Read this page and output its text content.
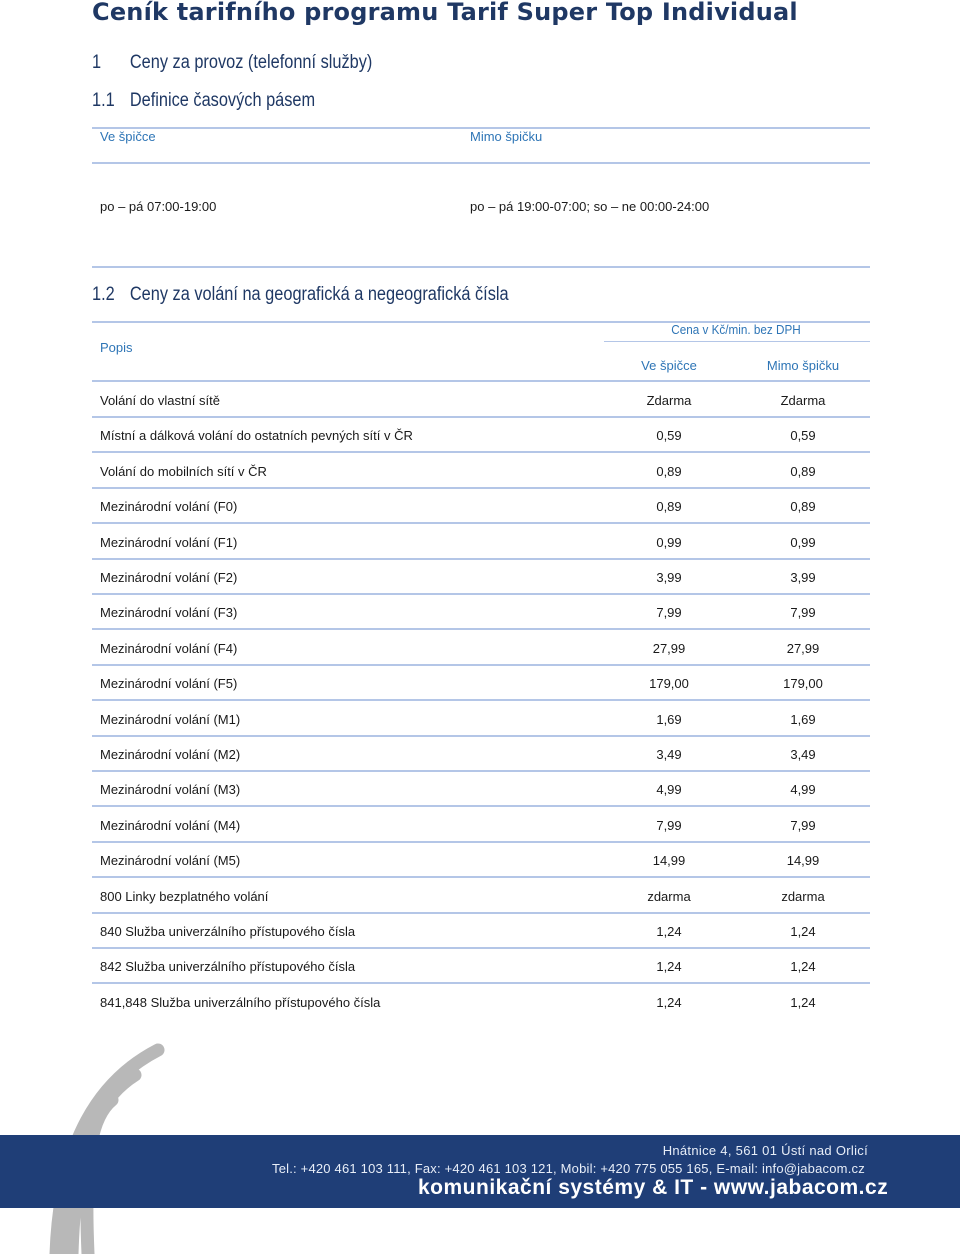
Ceník tarifního programu Tarif Super Top Individual
1 Ceny za provoz (telefonní služby)
1.1 Definice časových pásem
Ve špičce	Mimo špičku
po – pá 07:00-19:00	po – pá 19:00-07:00; so – ne 00:00-24:00
1.2 Ceny za volání na geografická a negeografická čísla
Popis
Cena v Kč/min. bez DPH
Ve špičce	Mimo špičku
Volání do vlastní sítě	Zdarma	Zdarma
Místní a dálková volání do ostatních pevných sítí v ČR	0,59	0,59
Volání do mobilních sítí v ČR	0,89	0,89
Mezinárodní volání (F0)	0,89	0,89
Mezinárodní volání (F1)	0,99	0,99
Mezinárodní volání (F2)	3,99	3,99
Mezinárodní volání (F3)	7,99	7,99
Mezinárodní volání (F4)	27,99	27,99
Mezinárodní volání (F5)	179,00	179,00
Mezinárodní volání (M1)	1,69	1,69
Mezinárodní volání (M2)	3,49	3,49
Mezinárodní volání (M3)	4,99	4,99
Mezinárodní volání (M4)	7,99	7,99
Mezinárodní volání (M5)	14,99	14,99
800 Linky bezplatného volání	zdarma	zdarma
840 Služba univerzálního přístupového čísla	1,24	1,24
842 Služba univerzálního přístupového čísla	1,24	1,24
841,848 Služba univerzálního přístupového čísla	1,24	1,24
Hnátnice 4, 561 01 Ústí nad Orlicí
Tel.: +420 461 103 111, Fax: +420 461 103 121, Mobil: +420 775 055 165, E-mail: info@jabacom.cz
komunikační systémy & IT - www.jabacom.cz
